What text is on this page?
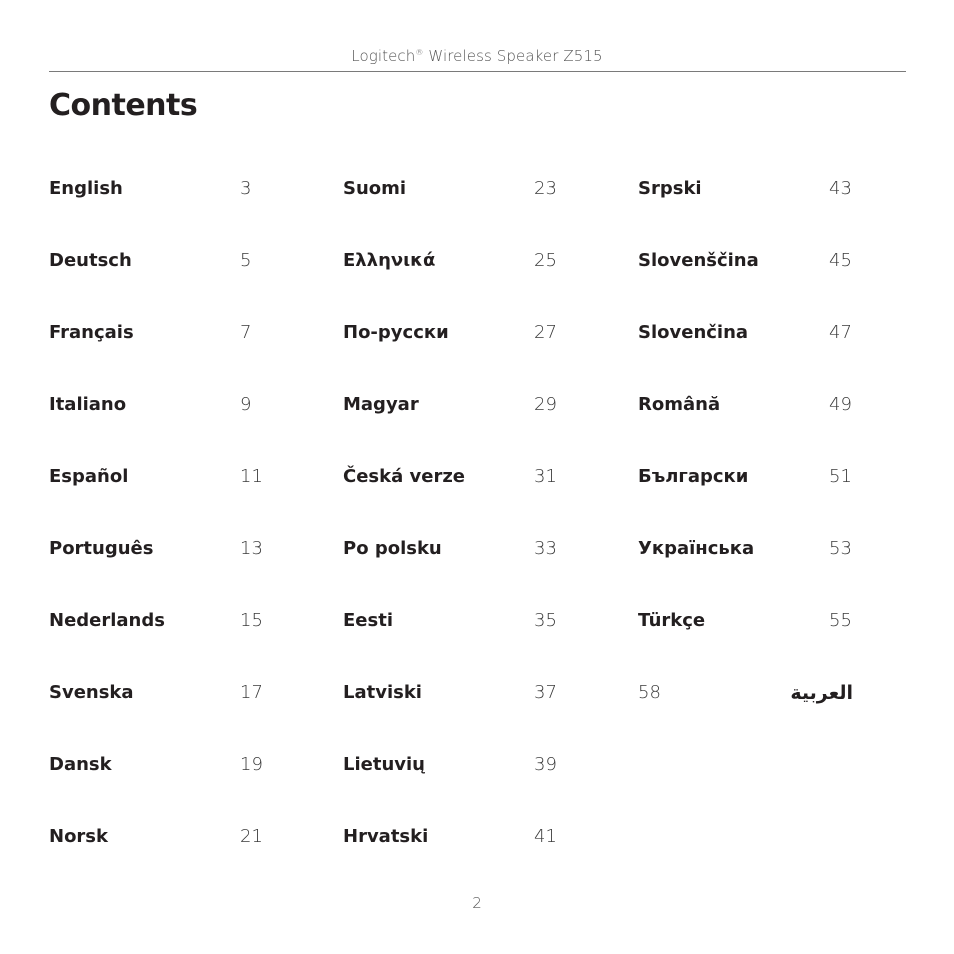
Logitech® Wireless Speaker Z515
Contents
English	3
Deutsch	5
Français	7
Italiano	9
Español	11
Português	13
Nederlands	15
Svenska	17
Dansk	19
Norsk	21
Suomi	23
Ελληνικά	25
По-русски	27
Magyar	29
Česká verze	31
Po polsku	33
Eesti	35
Latviski	37
Lietuvių	39
Hrvatski	41
Srpski	43
Slovenščina	45
Slovenčina	47
Română	49
Български	51
Українська	53
Türkçe	55
58	العربية
2
